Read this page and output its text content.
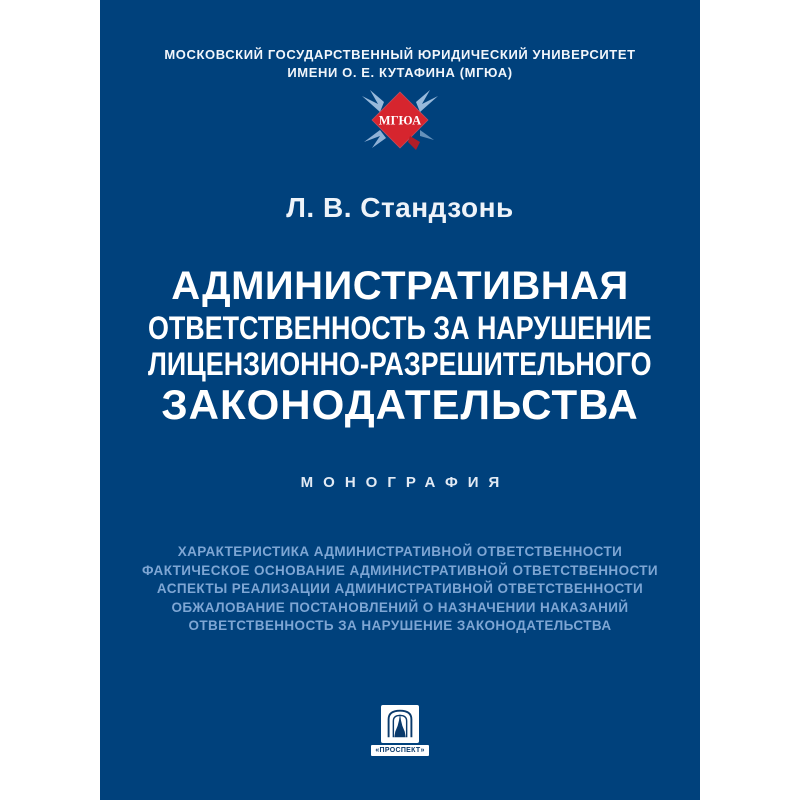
МОСКОВСКИЙ ГОСУДАРСТВЕННЫЙ ЮРИДИЧЕСКИЙ УНИВЕРСИТЕТ
ИМЕНИ О. Е. КУТАФИНА (МГЮА)
МГЮА
Л. В. Стандзонь
АДМИНИСТРАТИВНАЯ
ОТВЕТСТВЕННОСТЬ ЗА НАРУШЕНИЕ
ЛИЦЕНЗИОННО-РАЗРЕШИТЕЛЬНОГО
ЗАКОНОДАТЕЛЬСТВА
МОНОГРАФИЯ
ХАРАКТЕРИСТИКА АДМИНИСТРАТИВНОЙ ОТВЕТСТВЕННОСТИ
ФАКТИЧЕСКОЕ ОСНОВАНИЕ АДМИНИСТРАТИВНОЙ ОТВЕТСТВЕННОСТИ
АСПЕКТЫ РЕАЛИЗАЦИИ АДМИНИСТРАТИВНОЙ ОТВЕТСТВЕННОСТИ
ОБЖАЛОВАНИЕ ПОСТАНОВЛЕНИЙ О НАЗНАЧЕНИИ НАКАЗАНИЙ
ОТВЕТСТВЕННОСТЬ ЗА НАРУШЕНИЕ ЗАКОНОДАТЕЛЬСТВА
«ПРОСПЕКТ»
